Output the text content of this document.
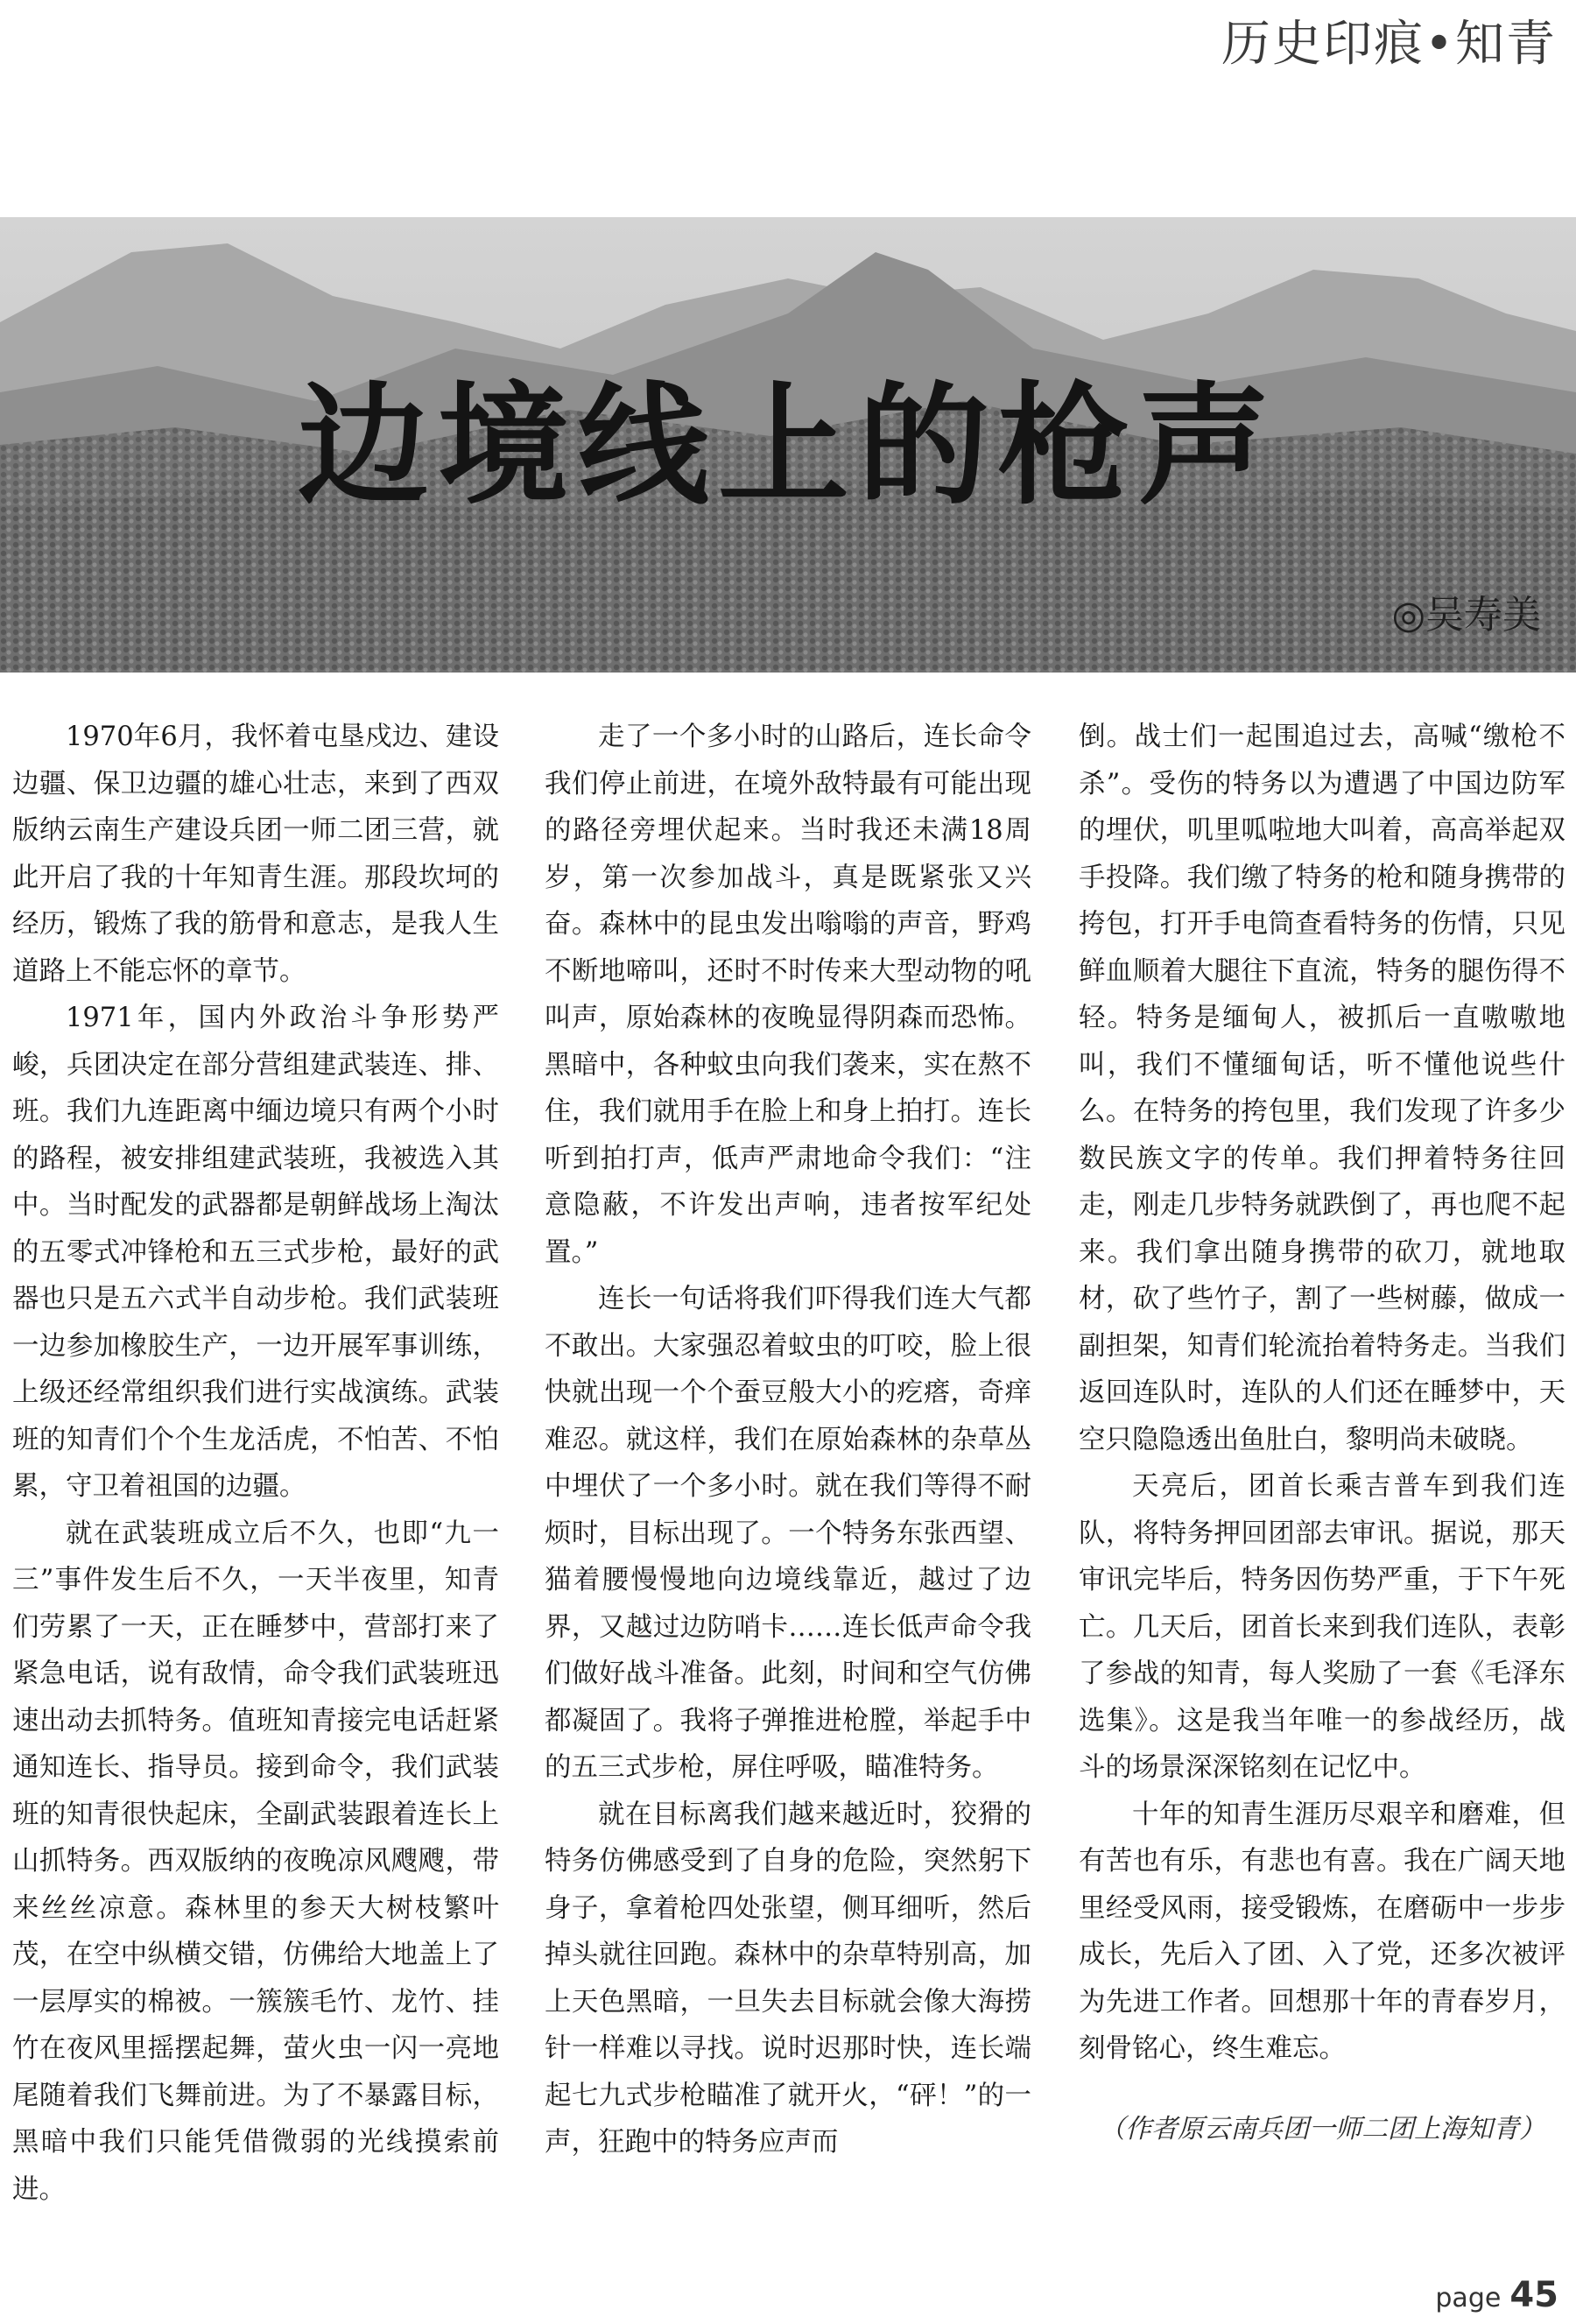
历史印痕•知青
边境线上的枪声
◎吴寿美

1970年6月，我怀着屯垦戍边、建设边疆、保卫边疆的雄心壮志，来到了西双版纳云南生产建设兵团一师二团三营，就此开启了我的十年知青生涯。那段坎坷的经历，锻炼了我的筋骨和意志，是我人生道路上不能忘怀的章节。

1971年，国内外政治斗争形势严峻，兵团决定在部分营组建武装连、排、班。我们九连距离中缅边境只有两个小时的路程，被安排组建武装班，我被选入其中。当时配发的武器都是朝鲜战场上淘汰的五零式冲锋枪和五三式步枪，最好的武器也只是五六式半自动步枪。我们武装班一边参加橡胶生产，一边开展军事训练，上级还经常组织我们进行实战演练。武装班的知青们个个生龙活虎，不怕苦、不怕累，守卫着祖国的边疆。

就在武装班成立后不久，也即“九一三”事件发生后不久，一天半夜里，知青们劳累了一天，正在睡梦中，营部打来了紧急电话，说有敌情，命令我们武装班迅速出动去抓特务。值班知青接完电话赶紧通知连长、指导员。接到命令，我们武装班的知青很快起床，全副武装跟着连长上山抓特务。西双版纳的夜晚凉风飕飕，带来丝丝凉意。森林里的参天大树枝繁叶茂，在空中纵横交错，仿佛给大地盖上了一层厚实的棉被。一簇簇毛竹、龙竹、挂竹在夜风里摇摆起舞，萤火虫一闪一亮地尾随着我们飞舞前进。为了不暴露目标，黑暗中我们只能凭借微弱的光线摸索前进。

走了一个多小时的山路后，连长命令我们停止前进，在境外敌特最有可能出现的路径旁埋伏起来。当时我还未满18周岁，第一次参加战斗，真是既紧张又兴奋。森林中的昆虫发出嗡嗡的声音，野鸡不断地啼叫，还时不时传来大型动物的吼叫声，原始森林的夜晚显得阴森而恐怖。黑暗中，各种蚊虫向我们袭来，实在熬不住，我们就用手在脸上和身上拍打。连长听到拍打声，低声严肃地命令我们：“注意隐蔽，不许发出声响，违者按军纪处置。”

连长一句话将我们吓得我们连大气都不敢出。大家强忍着蚊虫的叮咬，脸上很快就出现一个个蚕豆般大小的疙瘩，奇痒难忍。就这样，我们在原始森林的杂草丛中埋伏了一个多小时。就在我们等得不耐烦时，目标出现了。一个特务东张西望、猫着腰慢慢地向边境线靠近，越过了边界，又越过边防哨卡……连长低声命令我们做好战斗准备。此刻，时间和空气仿佛都凝固了。我将子弹推进枪膛，举起手中的五三式步枪，屏住呼吸，瞄准特务。

就在目标离我们越来越近时，狡猾的特务仿佛感受到了自身的危险，突然躬下身子，拿着枪四处张望，侧耳细听，然后掉头就往回跑。森林中的杂草特别高，加上天色黑暗，一旦失去目标就会像大海捞针一样难以寻找。说时迟那时快，连长端起七九式步枪瞄准了就开火，“砰！”的一声，狂跑中的特务应声而

倒。战士们一起围追过去，高喊“缴枪不杀”。受伤的特务以为遭遇了中国边防军的埋伏，叽里呱啦地大叫着，高高举起双手投降。我们缴了特务的枪和随身携带的挎包，打开手电筒查看特务的伤情，只见鲜血顺着大腿往下直流，特务的腿伤得不轻。特务是缅甸人，被抓后一直嗷嗷地叫，我们不懂缅甸话，听不懂他说些什么。在特务的挎包里，我们发现了许多少数民族文字的传单。我们押着特务往回走，刚走几步特务就跌倒了，再也爬不起来。我们拿出随身携带的砍刀，就地取材，砍了些竹子，割了一些树藤，做成一副担架，知青们轮流抬着特务走。当我们返回连队时，连队的人们还在睡梦中，天空只隐隐透出鱼肚白，黎明尚未破晓。

天亮后，团首长乘吉普车到我们连队，将特务押回团部去审讯。据说，那天审讯完毕后，特务因伤势严重，于下午死亡。几天后，团首长来到我们连队，表彰了参战的知青，每人奖励了一套《毛泽东选集》。这是我当年唯一的参战经历，战斗的场景深深铭刻在记忆中。

十年的知青生涯历尽艰辛和磨难，但有苦也有乐，有悲也有喜。我在广阔天地里经受风雨，接受锻炼，在磨砺中一步步成长，先后入了团、入了党，还多次被评为先进工作者。回想那十年的青春岁月，刻骨铭心，终生难忘。

（作者原云南兵团一师二团上海知青）
page 45
